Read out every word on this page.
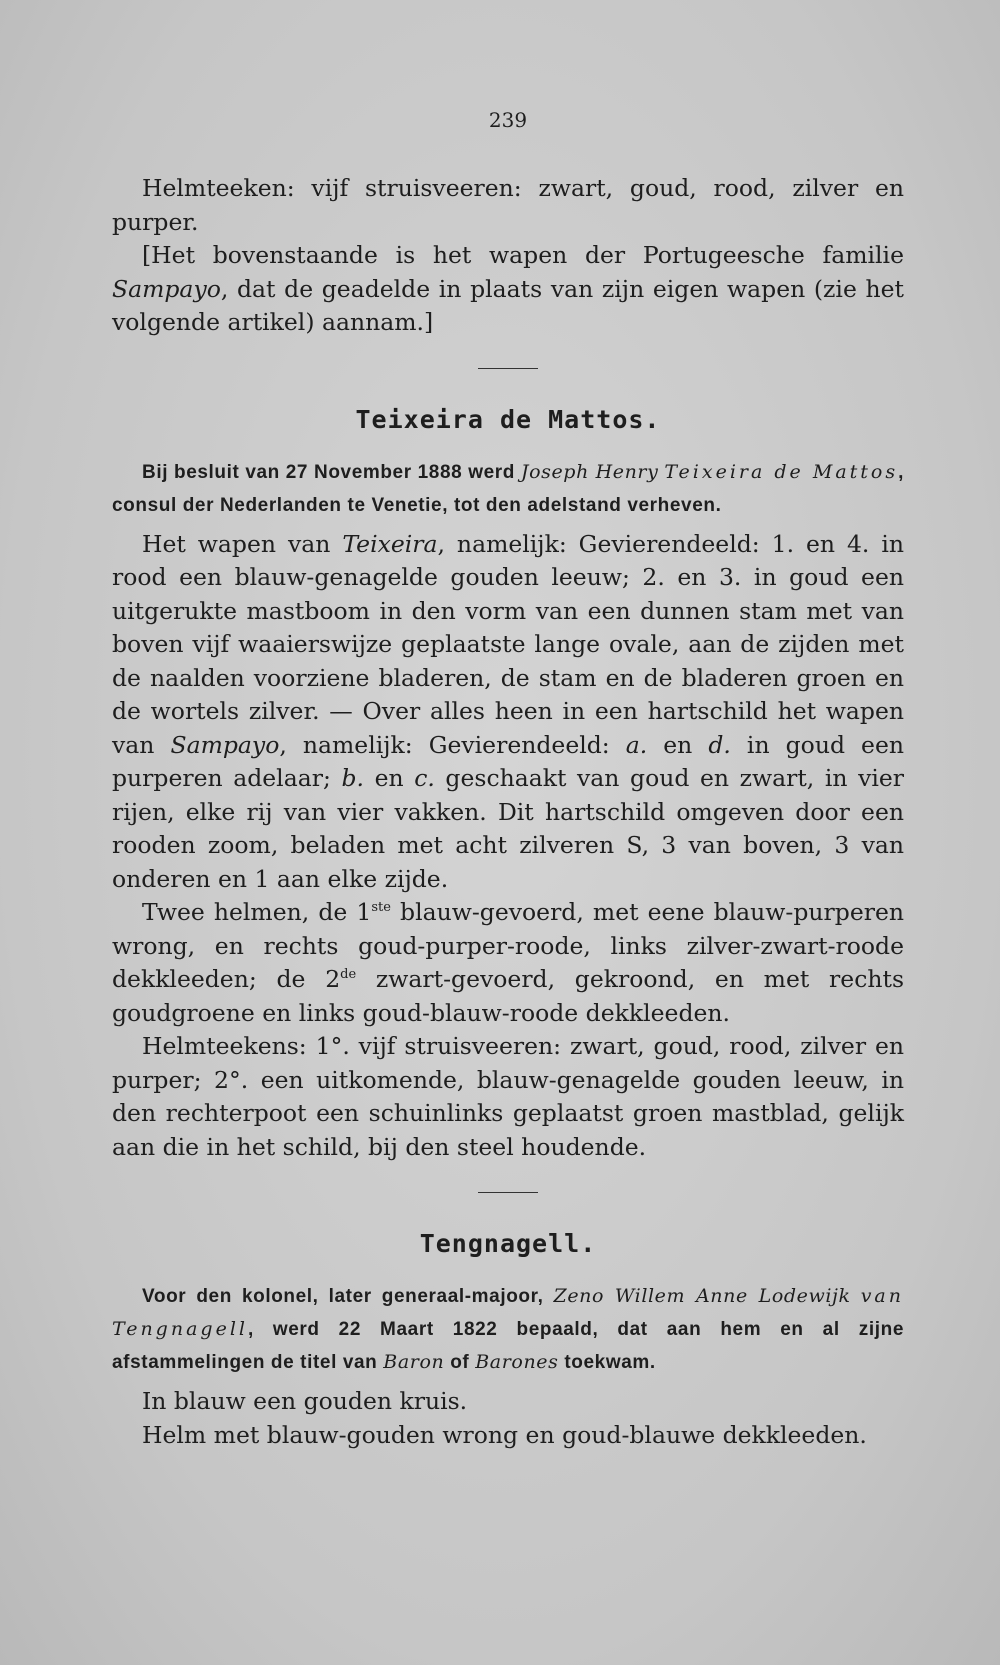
239

Helmteeken: vijf struisveeren: zwart, goud, rood, zilver en purper.

[Het bovenstaande is het wapen der Portugeesche familie Sampayo, dat de geadelde in plaats van zijn eigen wapen (zie het volgende artikel) aannam.]

Teixeira de Mattos.

Bij besluit van 27 November 1888 werd Joseph Henry Teixeira de Mattos, consul der Nederlanden te Venetie, tot den adelstand verheven.

Het wapen van Teixeira, namelijk: Gevierendeeld: 1. en 4. in rood een blauw-genagelde gouden leeuw; 2. en 3. in goud een uitgerukte mastboom in den vorm van een dunnen stam met van boven vijf waaierswijze geplaatste lange ovale, aan de zijden met de naalden voorziene bladeren, de stam en de bladeren groen en de wortels zilver. — Over alles heen in een hartschild het wapen van Sampayo, namelijk: Gevierendeeld: a. en d. in goud een purperen adelaar; b. en c. geschaakt van goud en zwart, in vier rijen, elke rij van vier vakken. Dit hartschild omgeven door een rooden zoom, beladen met acht zilveren S, 3 van boven, 3 van onderen en 1 aan elke zijde.

Twee helmen, de 1ste blauw-gevoerd, met eene blauw-purperen wrong, en rechts goud-purper-roode, links zilver-zwart-roode dekkleeden; de 2de zwart-gevoerd, gekroond, en met rechts goudgroene en links goud-blauw-roode dekkleeden.

Helmteekens: 1°. vijf struisveeren: zwart, goud, rood, zilver en purper; 2°. een uitkomende, blauw-genagelde gouden leeuw, in den rechterpoot een schuinlinks geplaatst groen mastblad, gelijk aan die in het schild, bij den steel houdende.

Tengnagell.

Voor den kolonel, later generaal-majoor, Zeno Willem Anne Lodewijk van Tengnagell, werd 22 Maart 1822 bepaald, dat aan hem en al zijne afstammelingen de titel van Baron of Barones toekwam.

In blauw een gouden kruis.

Helm met blauw-gouden wrong en goud-blauwe dekkleeden.
